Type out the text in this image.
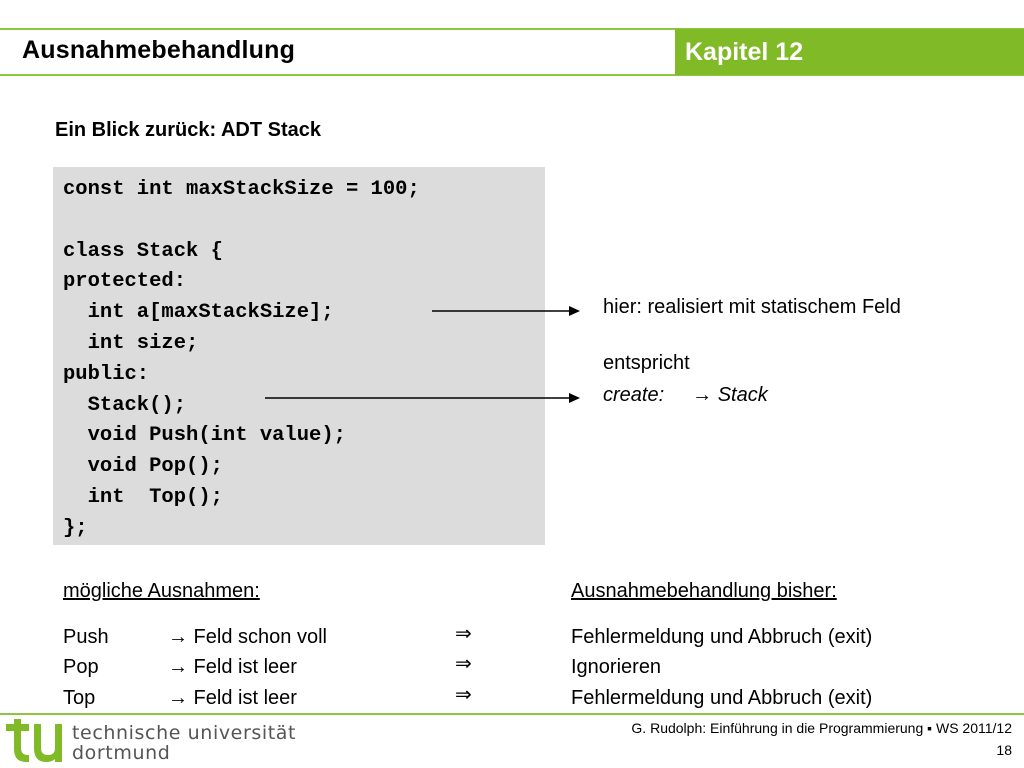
Ausnahmebehandlung	Kapitel 12
Ein Blick zurück: ADT Stack
const int maxStackSize = 100;

class Stack {
protected:
int a[maxStackSize];
int size;
public:
Stack();
void Push(int value);
void Pop();
int  Top();
};
hier: realisiert mit statischem Feld
entspricht
create: → Stack
mögliche Ausnahmen:	Ausnahmebehandlung bisher:
Push	→ Feld schon voll	⇒	Fehlermeldung und Abbruch (exit)
Pop	→ Feld ist leer	⇒	Ignorieren
Top	→ Feld ist leer	⇒	Fehlermeldung und Abbruch (exit)
technische universität
dortmund
G. Rudolph: Einführung in die Programmierung ▪ WS 2011/12
18
